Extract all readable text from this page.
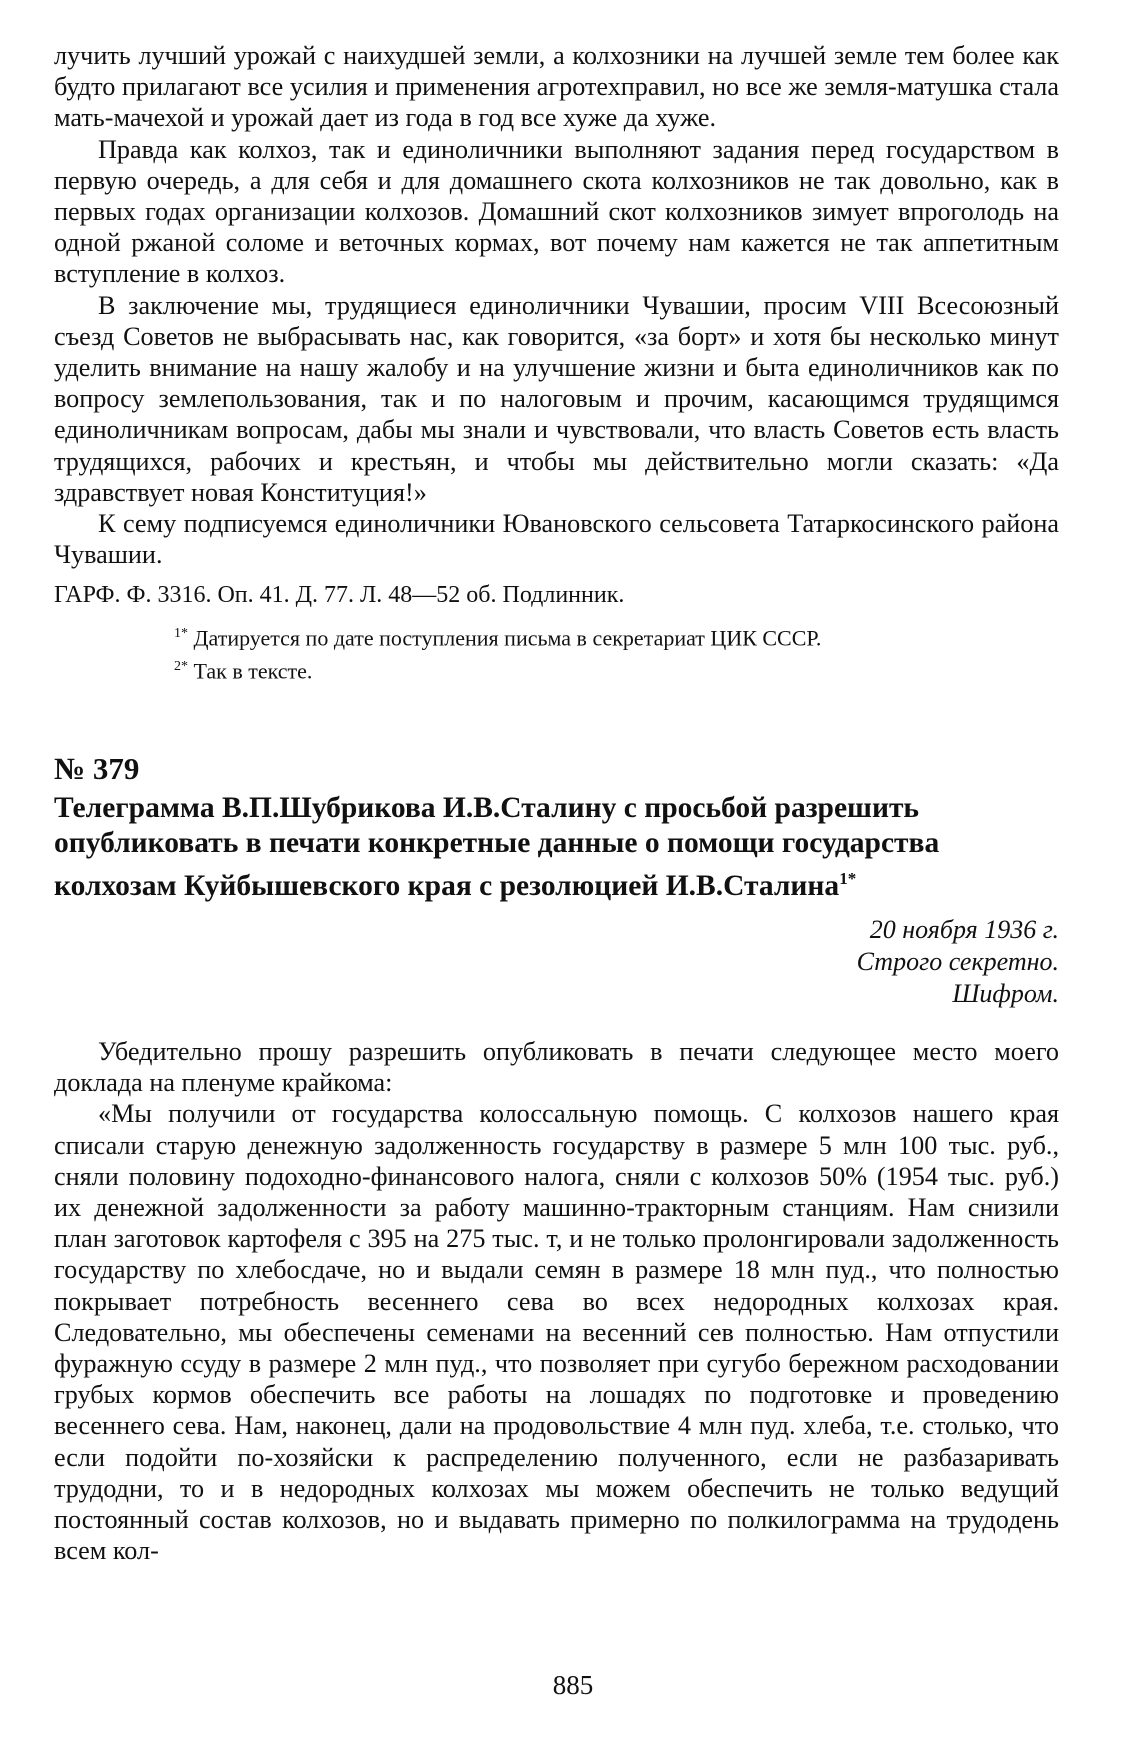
лучить лучший урожай с наихудшей земли, а колхозники на лучшей земле тем более как будто прилагают все усилия и применения агротехправил, но все же земля-матушка стала мать-мачехой и урожай дает из года в год все хуже да хуже.

Правда как колхоз, так и единоличники выполняют задания перед государством в первую очередь, а для себя и для домашнего скота колхозников не так довольно, как в первых годах организации колхозов. Домашний скот колхозников зимует впроголодь на одной ржаной соломе и веточных кормах, вот почему нам кажется не так аппетитным вступление в колхоз.

В заключение мы, трудящиеся единоличники Чувашии, просим VIII Всесоюзный съезд Советов не выбрасывать нас, как говорится, «за борт» и хотя бы несколько минут уделить внимание на нашу жалобу и на улучшение жизни и быта единоличников как по вопросу землепользования, так и по налоговым и прочим, касающимся трудящимся единоличникам вопросам, дабы мы знали и чувствовали, что власть Советов есть власть трудящихся, рабочих и крестьян, и чтобы мы действительно могли сказать: «Да здравствует новая Конституция!»

К сему подписуемся единоличники Ювановского сельсовета Татаркосинского района Чувашии.

ГАРФ. Ф. 3316. Оп. 41. Д. 77. Л. 48—52 об. Подлинник.

$^{1*}$ Датируется по дате поступления письма в секретариат ЦИК СССР.
$^{2*}$ Так в тексте.
№ 379
Телеграмма В.П.Шубрикова И.В.Сталину с просьбой разрешить опубликовать в печати конкретные данные о помощи государства колхозам Куйбышевского края с резолюцией И.В.Сталина$^{1*}$
20 ноября 1936 г.
Строго секретно.
Шифром.

Убедительно прошу разрешить опубликовать в печати следующее место моего доклада на пленуме крайкома:

«Мы получили от государства колоссальную помощь. С колхозов нашего края списали старую денежную задолженность государству в размере 5 млн 100 тыс. руб., сняли половину подоходно-финансового налога, сняли с колхозов 50% (1954 тыс. руб.) их денежной задолженности за работу машинно-тракторным станциям. Нам снизили план заготовок картофеля с 395 на 275 тыс. т, и не только пролонгировали задолженность государству по хлебосдаче, но и выдали семян в размере 18 млн пуд., что полностью покрывает потребность весеннего сева во всех недородных колхозах края. Следовательно, мы обеспечены семенами на весенний сев полностью. Нам отпустили фуражную ссуду в размере 2 млн пуд., что позволяет при сугубо бережном расходовании грубых кормов обеспечить все работы на лошадях по подготовке и проведению весеннего сева. Нам, наконец, дали на продовольствие 4 млн пуд. хлеба, т.е. столько, что если подойти по-хозяйски к распределению полученного, если не разбазаривать трудодни, то и в недородных колхозах мы можем обеспечить не только ведущий постоянный состав колхозов, но и выдавать примерно по полкилограмма на трудодень всем кол-

885
